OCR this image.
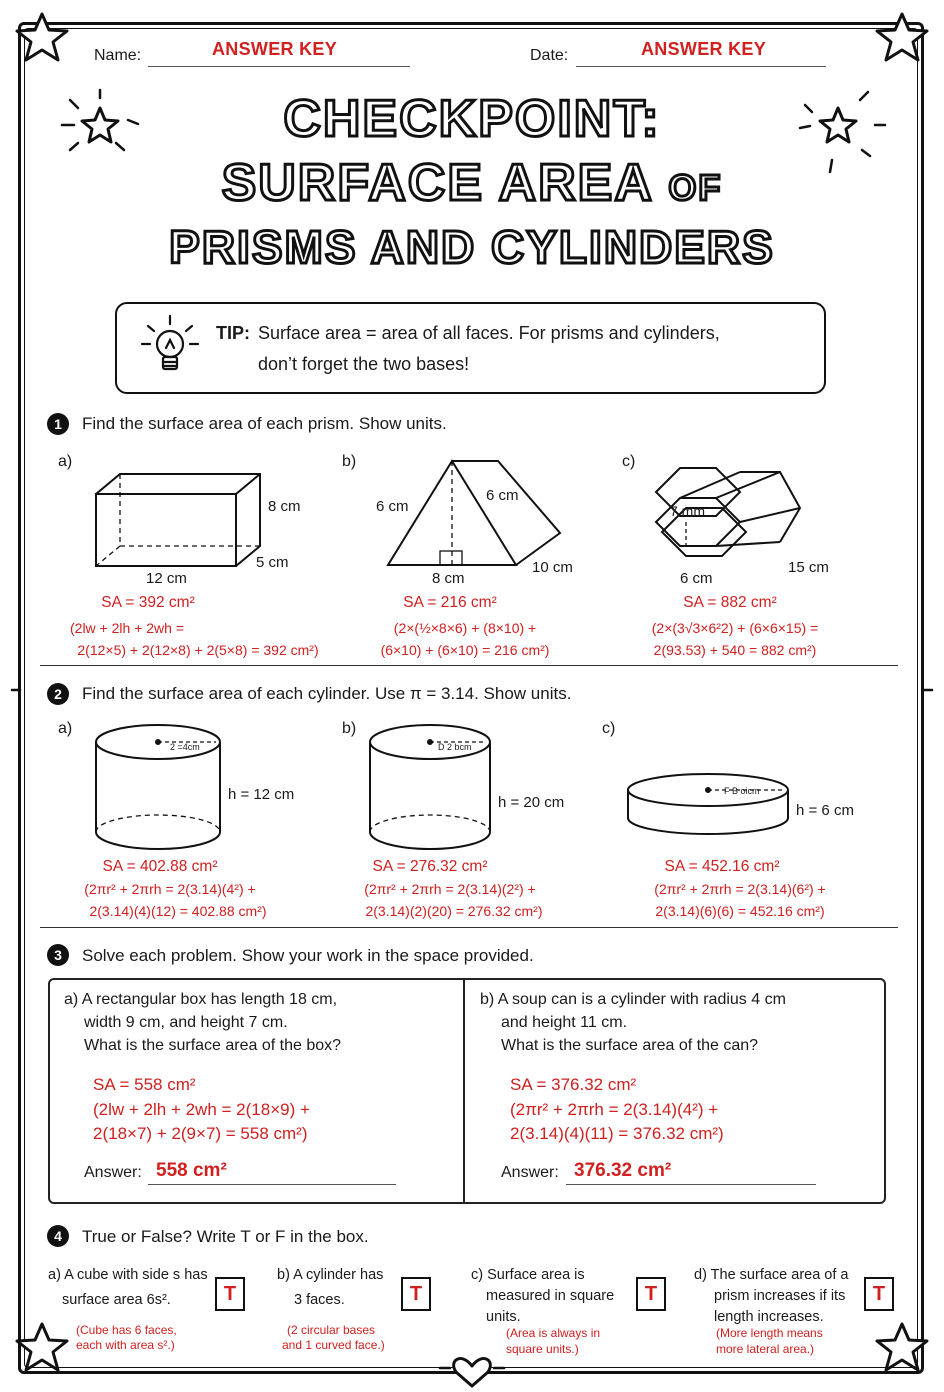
Name:	ANSWER KEY	Date:	ANSWER KEY
CHECKPOINT:
SURFACE AREA OF
PRISMS AND CYLINDERS
TIP: Surface area = area of all faces. For prisms and cylinders,
don’t forget the two bases!
1	Find the surface area of each prism. Show units.
a)
8 cm
5 cm
12 cm
SA = 392 cm²
(2lw + 2lh + 2wh =
2(12×5) + 2(12×8) + 2(5×8) = 392 cm²)
b)
6 cm
6 cm
10 cm
8 cm
SA = 216 cm²
(2×(½×8×6) + (8×10) +
(6×10) + (6×10) = 216 cm²)
c)
7 mm
6 cm
15 cm
SA = 882 cm²
(2×(3√3×6²2) + (6×6×15) =
2(93.53) + 540 = 882 cm²)
2	Find the surface area of each cylinder. Use π = 3.14. Show units.
a)
2 =4cm
h = 12 cm
SA = 402.88 cm²
(2πr² + 2πrh = 2(3.14)(4²) +
2(3.14)(4)(12) = 402.88 cm²)
b)
D 2 bcm
h = 20 cm
SA = 276.32 cm²
(2πr² + 2πrh = 2(3.14)(2²) +
2(3.14)(2)(20) = 276.32 cm²)
c)
F B oicm
h = 6 cm
SA = 452.16 cm²
(2πr² + 2πrh = 2(3.14)(6²) +
2(3.14)(6)(6) = 452.16 cm²)
3	Solve each problem. Show your work in the space provided.
a) A rectangular box has length 18 cm,
width 9 cm, and height 7 cm.
What is the surface area of the box?
SA = 558 cm²
(2lw + 2lh + 2wh = 2(18×9) +
2(18×7) + 2(9×7) = 558 cm²)
Answer: 558 cm²
b) A soup can is a cylinder with radius 4 cm
and height 11 cm.
What is the surface area of the can?
SA = 376.32 cm²
(2πr² + 2πrh = 2(3.14)(4²) +
2(3.14)(4)(11) = 376.32 cm²)
Answer: 376.32 cm²
4	True or False? Write T or F in the box.
a) A cube with side s has
surface area 6s².	T
(Cube has 6 faces,
each with area s².)
b) A cylinder has
3 faces.	T
(2 circular bases
and 1 curved face.)
c) Surface area is
measured in square
units.
T
(Area is always in
square units.)
d) The surface area of a
prism increases if its
length increases.
T
(More length means
more lateral area.)
